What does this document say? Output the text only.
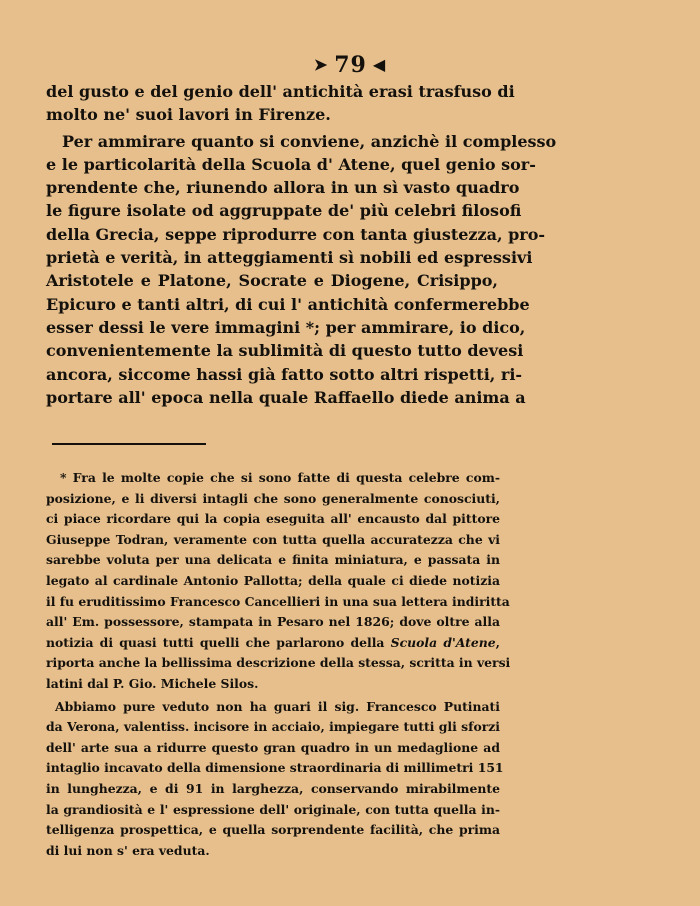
➤ 79 ◀

del gusto e del genio dell' antichità erasi trasfuso di
molto ne' suoi lavori in Firenze.

Per ammirare quanto si conviene, anzichè il complesso
e le particolarità della Scuola d' Atene, quel genio sor-
prendente che, riunendo allora in un sì vasto quadro
le figure isolate od aggruppate de' più celebri filosofi
della Grecia, seppe riprodurre con tanta giustezza, pro-
prietà e verità, in atteggiamenti sì nobili ed espressivi
Aristotele e Platone, Socrate e Diogene, Crisippo,
Epicuro e tanti altri, di cui l' antichità confermerebbe
esser dessi le vere immagini *; per ammirare, io dico,
convenientemente la sublimità di questo tutto devesi
ancora, siccome hassi già fatto sotto altri rispetti, ri-
portare all' epoca nella quale Raffaello diede anima a

* Fra le molte copie che si sono fatte di questa celebre com-
posizione, e li diversi intagli che sono generalmente conosciuti,
ci piace ricordare qui la copia eseguita all' encausto dal pittore
Giuseppe Todran, veramente con tutta quella accuratezza che vi
sarebbe voluta per una delicata e finita miniatura, e passata in
legato al cardinale Antonio Pallotta; della quale ci diede notizia
il fu eruditissimo Francesco Cancellieri in una sua lettera indiritta
all' Em. possessore, stampata in Pesaro nel 1826; dove oltre alla
notizia di quasi tutti quelli che parlarono della Scuola d'Atene,
riporta anche la bellissima descrizione della stessa, scritta in versi
latini dal P. Gio. Michele Silos.
Abbiamo pure veduto non ha guari il sig. Francesco Putinati
da Verona, valentiss. incisore in acciaio, impiegare tutti gli sforzi
dell' arte sua a ridurre questo gran quadro in un medaglione ad
intaglio incavato della dimensione straordinaria di millimetri 151
in lunghezza, e di 91 in larghezza, conservando mirabilmente
la grandiosità e l' espressione dell' originale, con tutta quella in-
telligenza prospettica, e quella sorprendente facilità, che prima
di lui non s' era veduta.
